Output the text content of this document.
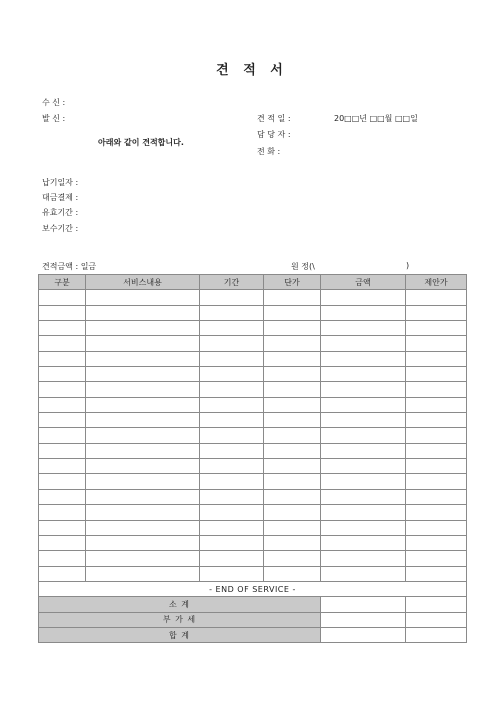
견 적 서
수 신 :
발 신 :
아래와 같이 견적합니다.
견 적 일 :	20□□년 □□월 □□일
담 당 자 :
전 화 :
납기일자 :
대금결제 :
유효기간 :
보수기간 :
견적금액 : 일금	원 정(\	)
구분	서비스내용	기간	단가	금액	제안가

- END OF SERVICE -					
소 계					
부 가 세					
합 계					
